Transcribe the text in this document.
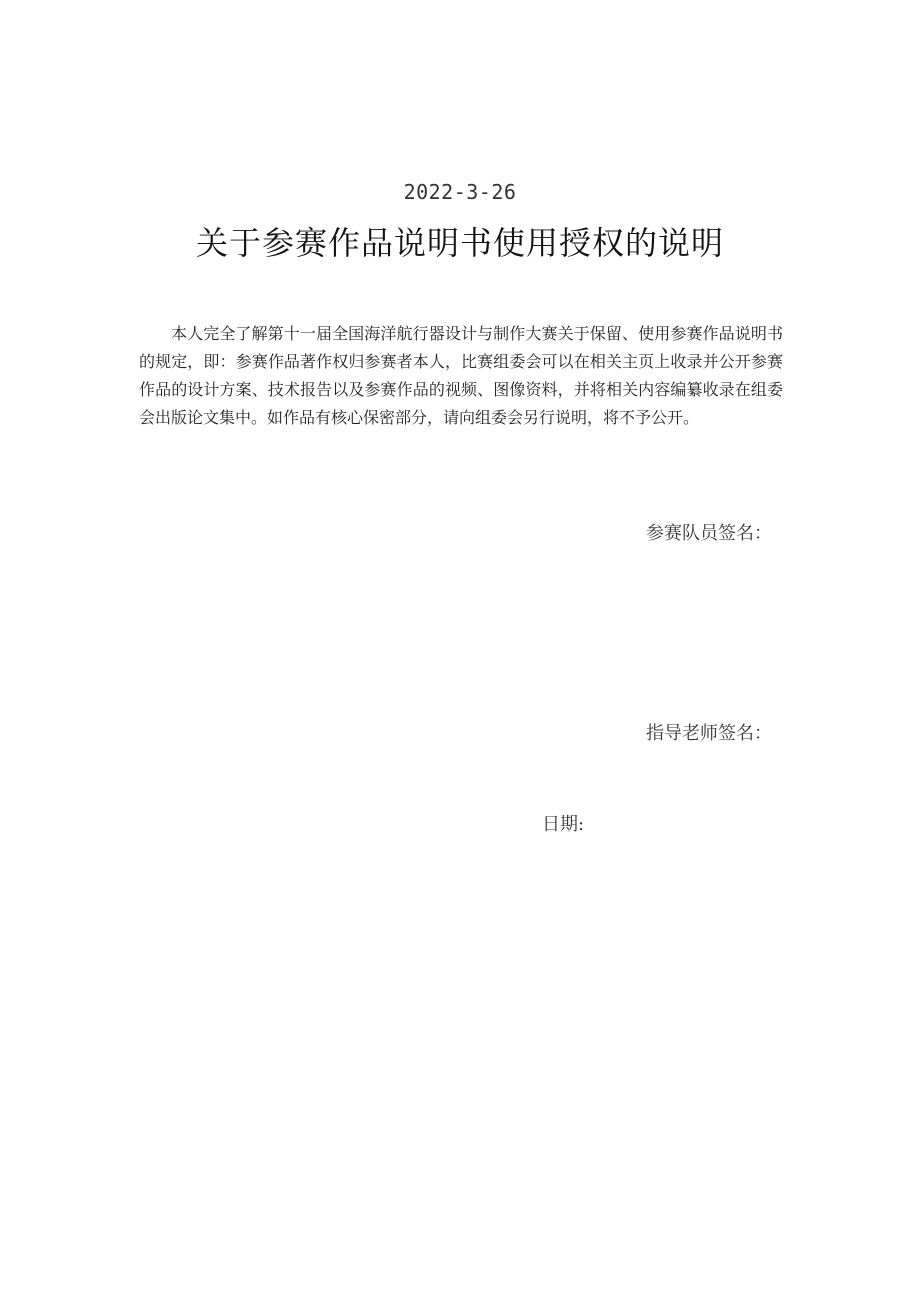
2022-3-26
关于参赛作品说明书使用授权的说明

本人完全了解第十一届全国海洋航行器设计与制作大赛关于保留、使用参赛作品说明书的规定，即：参赛作品著作权归参赛者本人，比赛组委会可以在相关主页上收录并公开参赛作品的设计方案、技术报告以及参赛作品的视频、图像资料，并将相关内容编纂收录在组委会出版论文集中。如作品有核心保密部分，请向组委会另行说明，将不予公开。

参赛队员签名：
指导老师签名：
日期:
